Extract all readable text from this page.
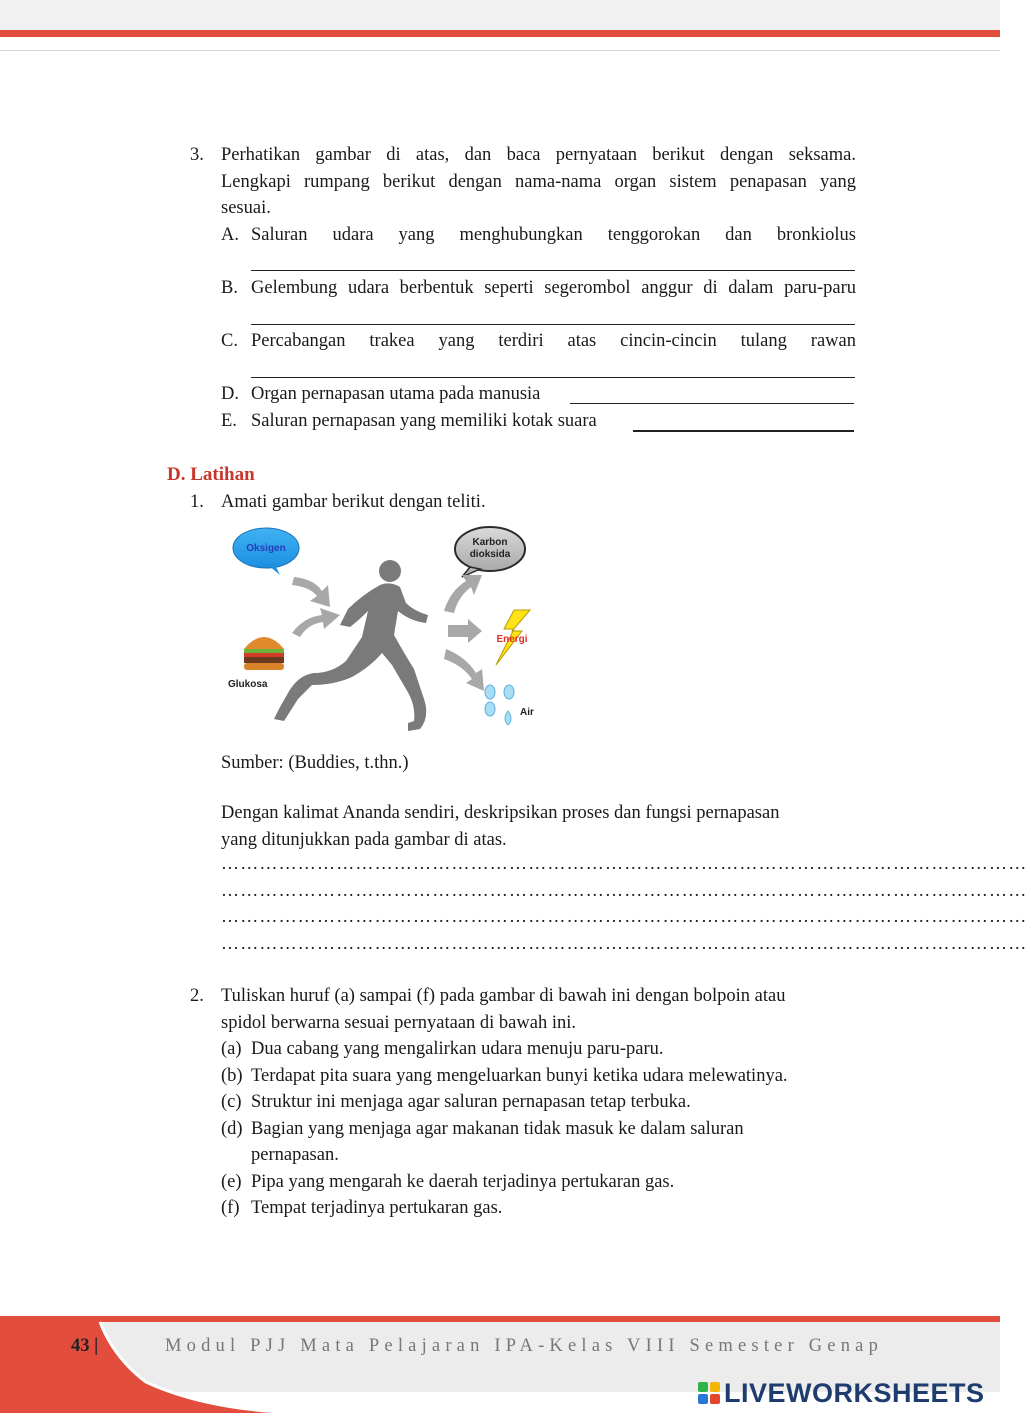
3. Perhatikan gambar di atas, dan baca pernyataan berikut dengan seksama.
Lengkapi rumpang berikut dengan nama-nama organ sistem penapasan yang
sesuai.
A. Saluran udara yang menghubungkan tenggorokan dan bronkiolus
B. Gelembung udara berbentuk seperti segerombol anggur di dalam paru-paru
C. Percabangan trakea yang terdiri atas cincin-cincin tulang rawan
D. Organ pernapasan utama pada manusia
E. Saluran pernapasan yang memiliki kotak suara
D. Latihan
1. Amati gambar berikut dengan teliti.
Oksigen
Karbon
dioksida
Energi
Glukosa
Air
Sumber: (Buddies, t.thn.)
Dengan kalimat Ananda sendiri, deskripsikan proses dan fungsi pernapasan
yang ditunjukkan pada gambar di atas.
………………………………………………………………………………………………………………
………………………………………………………………………………………………………………
………………………………………………………………………………………………………………
………………………………………………………………………………………………………………
2. Tuliskan huruf (a) sampai (f) pada gambar di bawah ini dengan bolpoin atau
spidol berwarna sesuai pernyataan di bawah ini.
(a) Dua cabang yang mengalirkan udara menuju paru-paru.
(b) Terdapat pita suara yang mengeluarkan bunyi ketika udara melewatinya.
(c) Struktur ini menjaga agar saluran pernapasan tetap terbuka.
(d) Bagian yang menjaga agar makanan tidak masuk ke dalam saluran
pernapasan.
(e) Pipa yang mengarah ke daerah terjadinya pertukaran gas.
(f) Tempat terjadinya pertukaran gas.
43 |	Modul PJJ Mata Pelajaran IPA-Kelas VIII Semester Genap
LIVEWORKSHEETS
